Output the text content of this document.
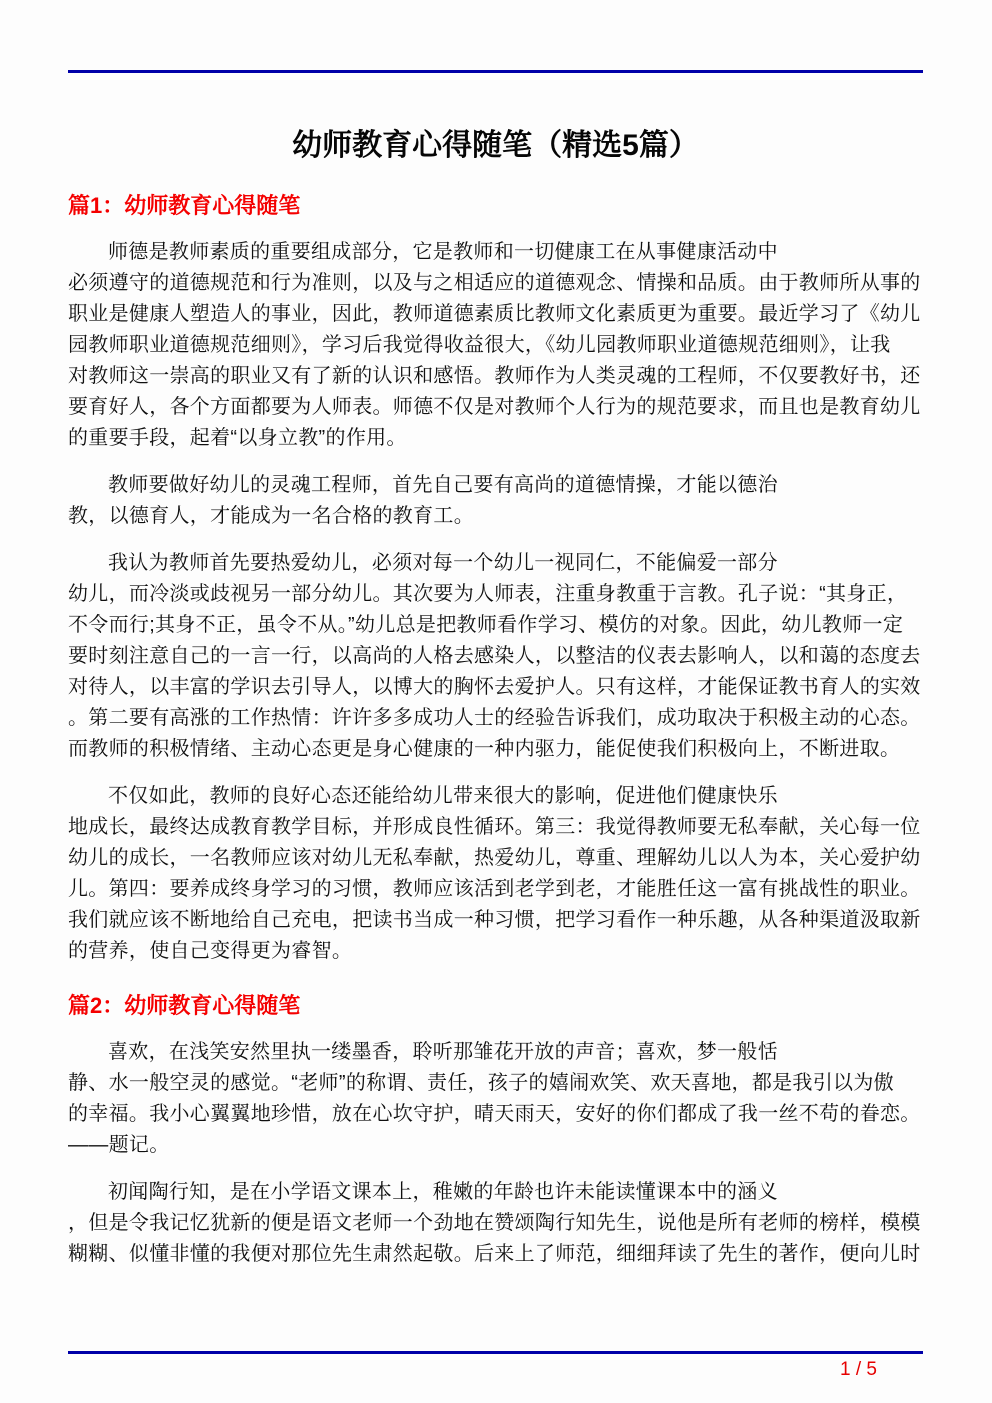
幼师教育心得随笔（精选5篇）
篇1：幼师教育心得随笔
师德是教师素质的重要组成部分，它是教师和一切健康工在从事健康活动中
必须遵守的道德规范和行为准则，以及与之相适应的道德观念、情操和品质。由于教师所从事的
职业是健康人塑造人的事业，因此，教师道德素质比教师文化素质更为重要。最近学习了《幼儿
园教师职业道德规范细则》，学习后我觉得收益很大，《幼儿园教师职业道德规范细则》，让我
对教师这一崇高的职业又有了新的认识和感悟。教师作为人类灵魂的工程师，不仅要教好书，还
要育好人，各个方面都要为人师表。师德不仅是对教师个人行为的规范要求，而且也是教育幼儿
的重要手段，起着“以身立教”的作用。
教师要做好幼儿的灵魂工程师，首先自己要有高尚的道德情操，才能以德治
教，以德育人，才能成为一名合格的教育工。
我认为教师首先要热爱幼儿，必须对每一个幼儿一视同仁，不能偏爱一部分
幼儿，而冷淡或歧视另一部分幼儿。其次要为人师表，注重身教重于言教。孔子说：“其身正，
不令而行;其身不正，虽令不从。”幼儿总是把教师看作学习、模仿的对象。因此，幼儿教师一定
要时刻注意自己的一言一行，以高尚的人格去感染人，以整洁的仪表去影响人，以和蔼的态度去
对待人，以丰富的学识去引导人，以博大的胸怀去爱护人。只有这样，才能保证教书育人的实效
。第二要有高涨的工作热情：许许多多成功人士的经验告诉我们，成功取决于积极主动的心态。
而教师的积极情绪、主动心态更是身心健康的一种内驱力，能促使我们积极向上，不断进取。
不仅如此，教师的良好心态还能给幼儿带来很大的影响，促进他们健康快乐
地成长，最终达成教育教学目标，并形成良性循环。第三：我觉得教师要无私奉献，关心每一位
幼儿的成长，一名教师应该对幼儿无私奉献，热爱幼儿，尊重、理解幼儿以人为本，关心爱护幼
儿。第四：要养成终身学习的习惯，教师应该活到老学到老，才能胜任这一富有挑战性的职业。
我们就应该不断地给自己充电，把读书当成一种习惯，把学习看作一种乐趣，从各种渠道汲取新
的营养，使自己变得更为睿智。
篇2：幼师教育心得随笔
喜欢，在浅笑安然里执一缕墨香，聆听那雏花开放的声音；喜欢，梦一般恬
静、水一般空灵的感觉。“老师”的称谓、责任，孩子的嬉闹欢笑、欢天喜地，都是我引以为傲
的幸福。我小心翼翼地珍惜，放在心坎守护，晴天雨天，安好的你们都成了我一丝不苟的眷恋。
——题记。
初闻陶行知，是在小学语文课本上，稚嫩的年龄也许未能读懂课本中的涵义
，但是令我记忆犹新的便是语文老师一个劲地在赞颂陶行知先生，说他是所有老师的榜样，模模
糊糊、似懂非懂的我便对那位先生肃然起敬。后来上了师范，细细拜读了先生的著作，便向儿时
1 / 5
